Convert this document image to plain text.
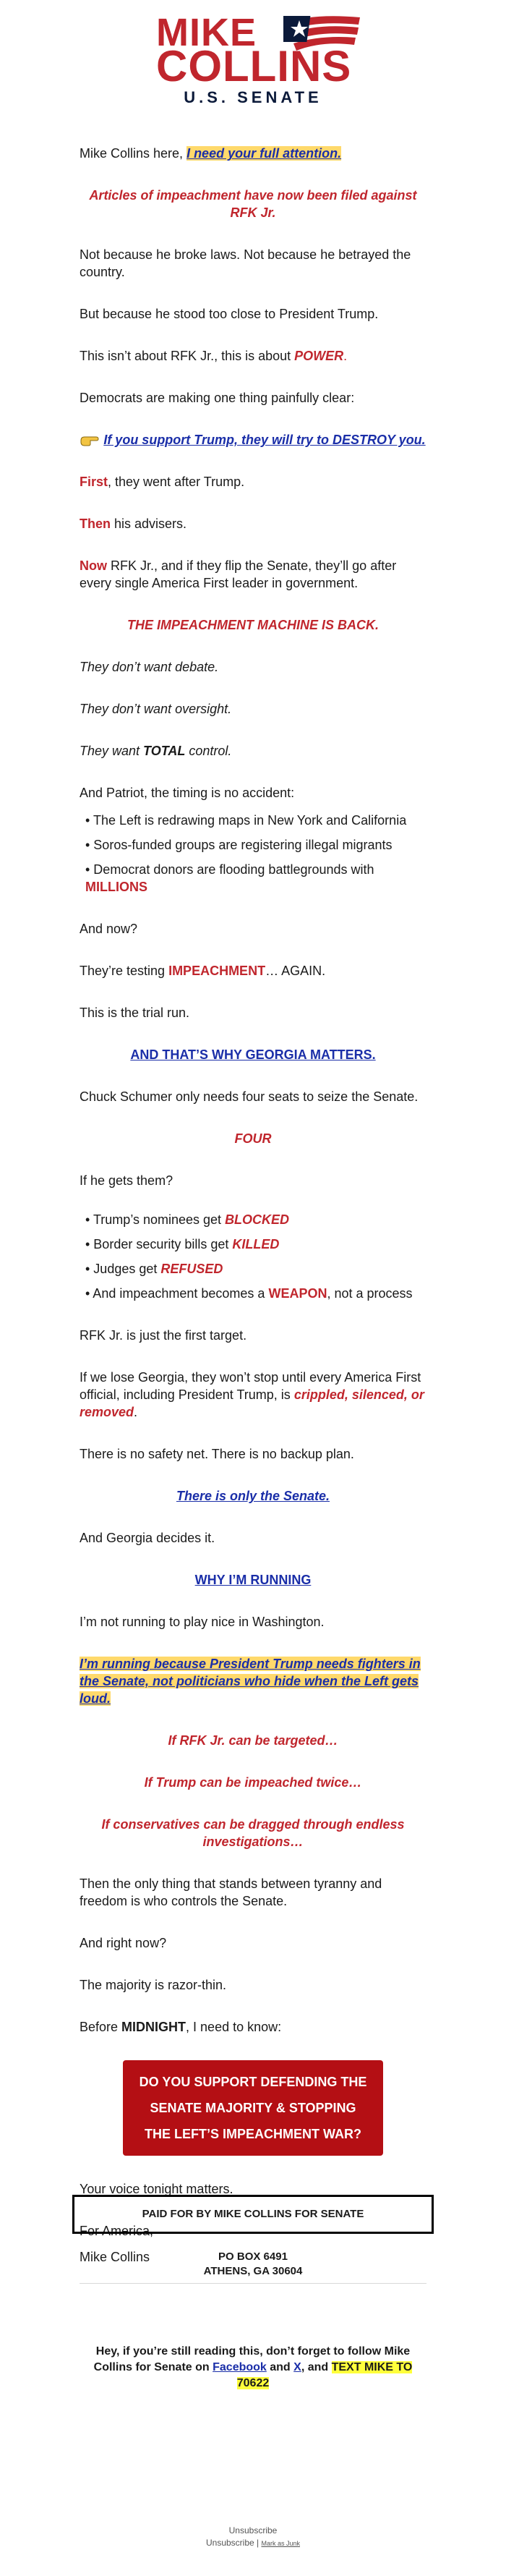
MIKE
COLLINS
U.S. SENATE
Mike Collins here, I need your full attention.
Articles of impeachment have now been filed against RFK Jr.
Not because he broke laws. Not because he betrayed the country.
But because he stood too close to President Trump.
This isn’t about RFK Jr., this is about POWER.
Democrats are making one thing painfully clear:
If you support Trump, they will try to DESTROY you.
First, they went after Trump.
Then his advisers.
Now RFK Jr., and if they flip the Senate, they’ll go after every single America First leader in government.
THE IMPEACHMENT MACHINE IS BACK.
They don’t want debate.
They don’t want oversight.
They want TOTAL control.
And Patriot, the timing is no accident:
• The Left is redrawing maps in New York and California
• Soros-funded groups are registering illegal migrants
• Democrat donors are flooding battlegrounds with MILLIONS
And now?
They’re testing IMPEACHMENT… AGAIN.
This is the trial run.
AND THAT’S WHY GEORGIA MATTERS.
Chuck Schumer only needs four seats to seize the Senate.
FOUR
If he gets them?
• Trump’s nominees get BLOCKED
• Border security bills get KILLED
• Judges get REFUSED
• And impeachment becomes a WEAPON, not a process
RFK Jr. is just the first target.
If we lose Georgia, they won’t stop until every America First official, including President Trump, is crippled, silenced, or removed.
There is no safety net. There is no backup plan.
There is only the Senate.
And Georgia decides it.
WHY I’M RUNNING
I’m not running to play nice in Washington.
I’m running because President Trump needs fighters in the Senate, not politicians who hide when the Left gets loud.
If RFK Jr. can be targeted…
If Trump can be impeached twice…
If conservatives can be dragged through endless investigations…
Then the only thing that stands between tyranny and freedom is who controls the Senate.
And right now?
The majority is razor-thin.
Before MIDNIGHT, I need to know:
DO YOU SUPPORT DEFENDING THE SENATE MAJORITY & STOPPING THE LEFT’S IMPEACHMENT WAR?
Your voice tonight matters.
For America,
Mike Collins
PAID FOR BY MIKE COLLINS FOR SENATE
PO BOX 6491
ATHENS, GA 30604
Hey, if you’re still reading this, don’t forget to follow Mike Collins for Senate on Facebook and X, and TEXT MIKE TO 70622
Unsubscribe
Unsubscribe | Mark as Junk
